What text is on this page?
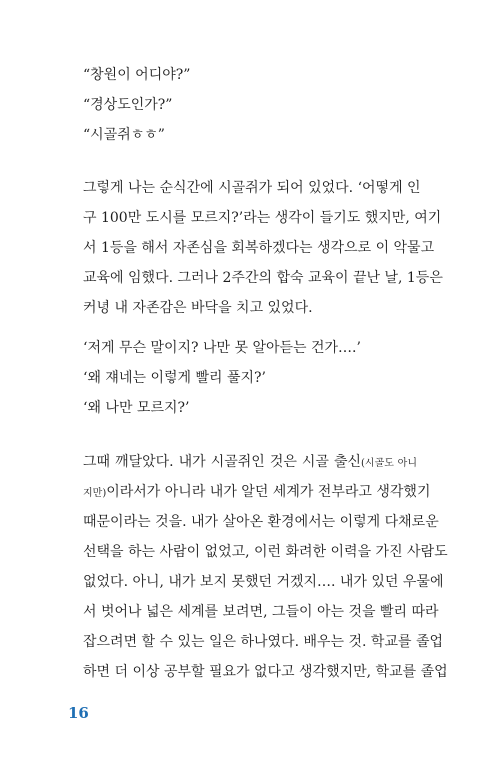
“창원이 어디야?”

“경상도인가?”

“시골쥐ㅎㅎ”

그렇게 나는 순식간에 시골쥐가 되어 있었다. ‘어떻게 인

구 100만 도시를 모르지?’라는 생각이 들기도 했지만, 여기

서 1등을 해서 자존심을 회복하겠다는 생각으로 이 악물고

교육에 임했다. 그러나 2주간의 합숙 교육이 끝난 날, 1등은

커녕 내 자존감은 바닥을 치고 있었다.

‘저게 무슨 말이지? 나만 못 알아듣는 건가….’

‘왜 쟤네는 이렇게 빨리 풀지?’

‘왜 나만 모르지?’

그때 깨달았다. 내가 시골쥐인 것은 시골 출신(시골도 아니

지만)이라서가 아니라 내가 알던 세계가 전부라고 생각했기

때문이라는 것을. 내가 살아온 환경에서는 이렇게 다채로운

선택을 하는 사람이 없었고, 이런 화려한 이력을 가진 사람도

없었다. 아니, 내가 보지 못했던 거겠지…. 내가 있던 우물에

서 벗어나 넓은 세계를 보려면, 그들이 아는 것을 빨리 따라

잡으려면 할 수 있는 일은 하나였다. 배우는 것. 학교를 졸업

하면 더 이상 공부할 필요가 없다고 생각했지만, 학교를 졸업

16
